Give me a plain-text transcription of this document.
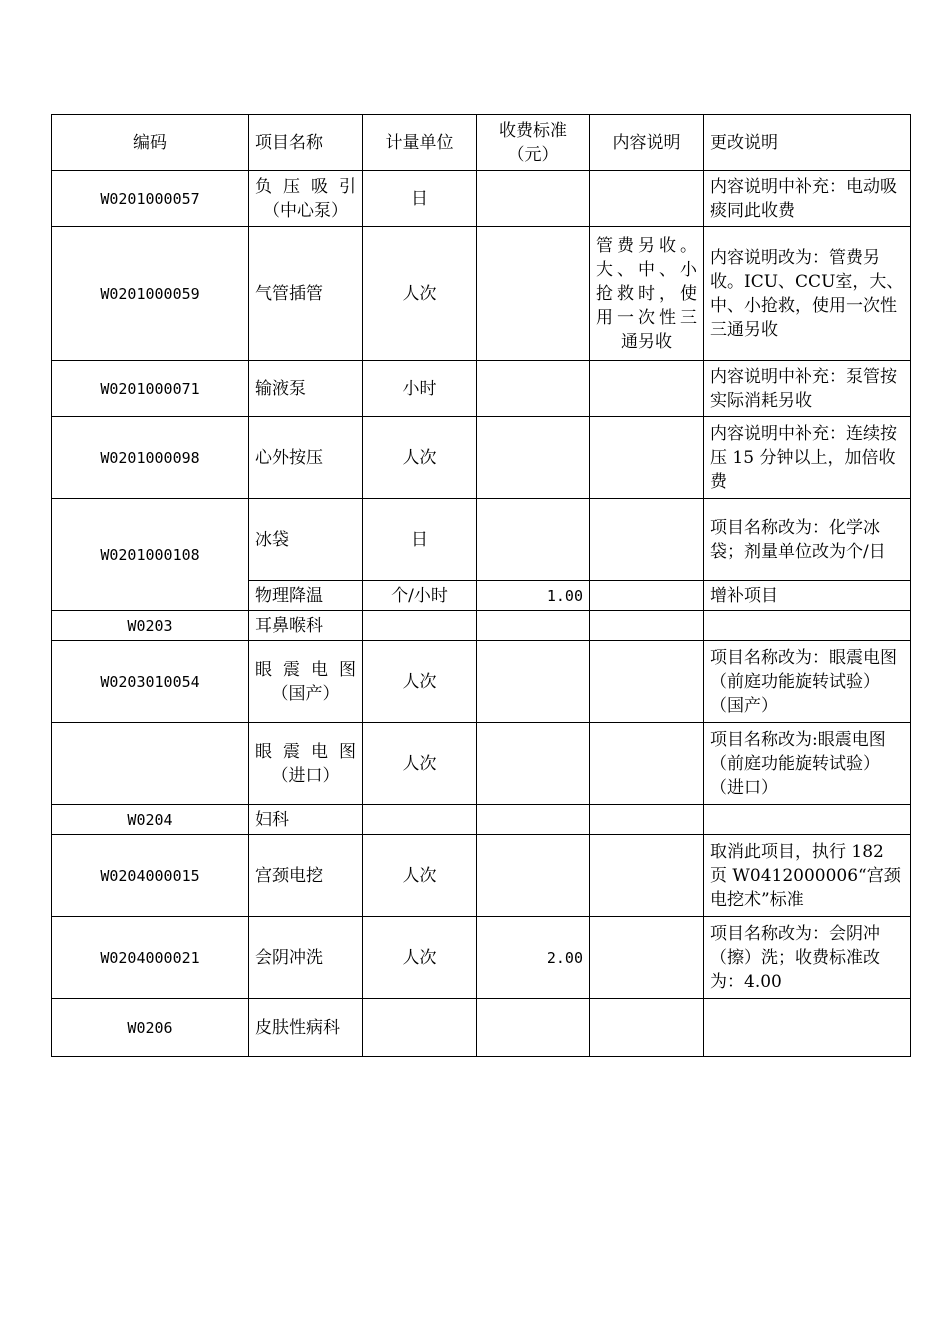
编码	项目名称	计量单位	收费标准（元）	内容说明	更改说明
W0201000057	负压吸引（中心泵）	日			内容说明中补充：电动吸痰同此收费
W0201000059	气管插管	人次		管费另收。大、中、小抢救时，使用一次性三通另收	内容说明改为：管费另收。ICU、CCU室，大、中、小抢救，使用一次性三通另收
W0201000071	输液泵	小时			内容说明中补充：泵管按实际消耗另收
W0201000098	心外按压	人次			内容说明中补充：连续按压 15 分钟以上，加倍收费
W0201000108	冰袋	日			项目名称改为：化学冰袋；剂量单位改为个/日
	物理降温	个/小时	1.00		增补项目
W0203	耳鼻喉科				
W0203010054	眼震电图（国产）	人次			项目名称改为：眼震电图（前庭功能旋转试验）（国产）
	眼震电图（进口）	人次			项目名称改为:眼震电图（前庭功能旋转试验）（进口）
W0204	妇科				
W0204000015	宫颈电挖	人次			取消此项目，执行 182 页 W0412000006“宫颈电挖术”标准
W0204000021	会阴冲洗	人次	2.00		项目名称改为：会阴冲（擦）洗；收费标准改为：4.00
W0206	皮肤性病科				
